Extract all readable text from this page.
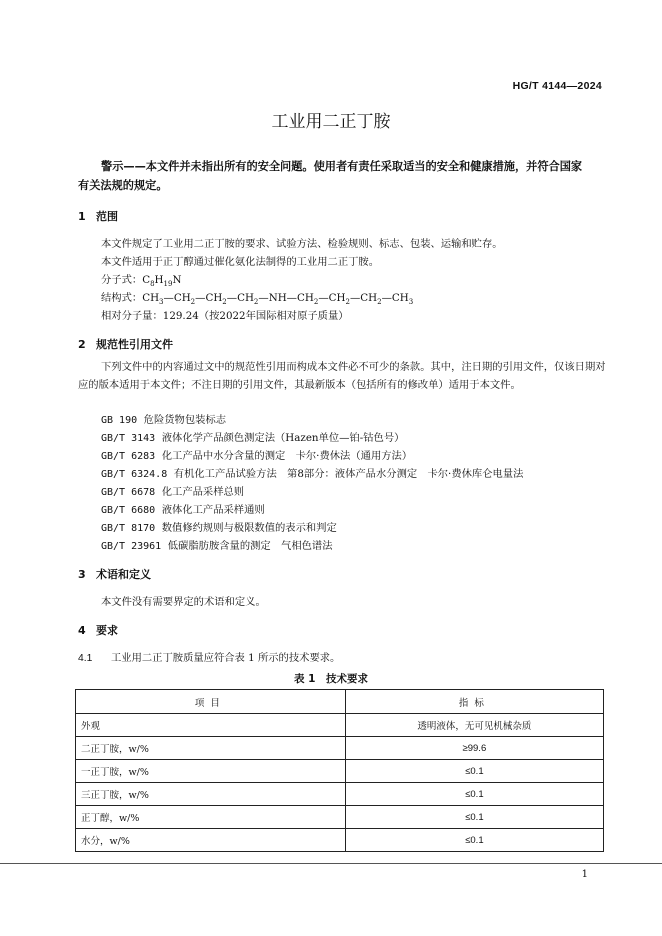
HG/T 4144—2024
工业用二正丁胺
警示——本文件并未指出所有的安全问题。使用者有责任采取适当的安全和健康措施，并符合国家
有关法规的规定。
1 范围
本文件规定了工业用二正丁胺的要求、试验方法、检验规则、标志、包装、运输和贮存。
本文件适用于正丁醇通过催化氨化法制得的工业用二正丁胺。
分子式：$C_8H_{19}N$
结构式：$CH_3—CH_2—CH_2—CH_2—NH—CH_2—CH_2—CH_2—CH_3$
相对分子量：129.24（按2022年国际相对原子质量）
2 规范性引用文件
下列文件中的内容通过文中的规范性引用而构成本文件必不可少的条款。其中，注日期的引用文件，仅该日期对应的版本适用于本文件；不注日期的引用文件，其最新版本（包括所有的修改单）适用于本文件。
GB 190 危险货物包装标志
GB/T 3143 液体化学产品颜色测定法（Hazen单位—铂-钴色号）
GB/T 6283 化工产品中水分含量的测定　卡尔·费休法（通用方法）
GB/T 6324.8 有机化工产品试验方法　第8部分：液体产品水分测定　卡尔·费休库仑电量法
GB/T 6678 化工产品采样总则
GB/T 6680 液体化工产品采样通则
GB/T 8170 数值修约规则与极限数值的表示和判定
GB/T 23961 低碳脂肪胺含量的测定　气相色谱法
3 术语和定义
本文件没有需要界定的术语和定义。
4 要求
4.1 工业用二正丁胺质量应符合表 1 所示的技术要求。
表 1　技术要求
项目	指标
外观	透明液体，无可见机械杂质
二正丁胺，w/%	≥99.6
一正丁胺，w/%	≤0.1
三正丁胺，w/%	≤0.1
正丁醇，w/%	≤0.1
水分，w/%	≤0.1
1
